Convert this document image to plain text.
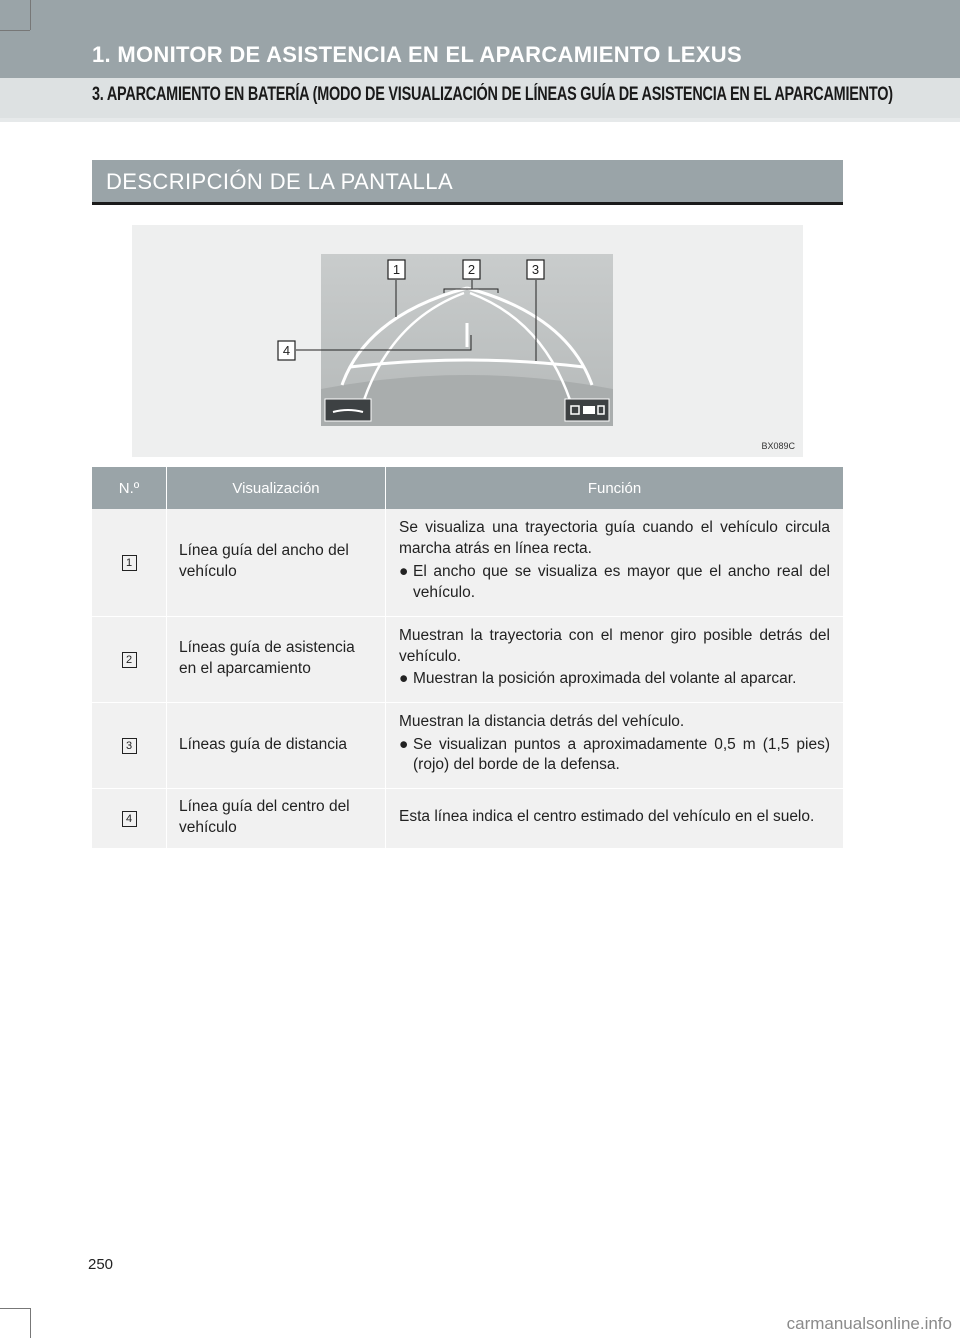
1. MONITOR DE ASISTENCIA EN EL APARCAMIENTO LEXUS
3. APARCAMIENTO EN BATERÍA (MODO DE VISUALIZACIÓN DE LÍNEAS GUÍA DE ASISTENCIA EN EL APARCAMIENTO)
DESCRIPCIÓN DE LA PANTALLA
1	2	3
4
BX089C
N.º	Visualización	Función
1	Línea guía del ancho del vehículo	Se visualiza una trayectoria guía cuando el vehículo circula marcha atrás en línea recta.
● El ancho que se visualiza es mayor que el ancho real del vehículo.

2	Líneas guía de asistencia en el aparcamiento	Muestran la trayectoria con el menor giro posible detrás del vehículo.
● Muestran la posición aproximada del volante al aparcar.

3	Líneas guía de distancia	Muestran la distancia detrás del vehículo.
● Se visualizan puntos a aproximadamente 0,5 m (1,5 pies) (rojo) del borde de la defensa.

4	Línea guía del centro del vehículo	Esta línea indica el centro estimado del vehículo en el suelo.
250
carmanualsonline.info
